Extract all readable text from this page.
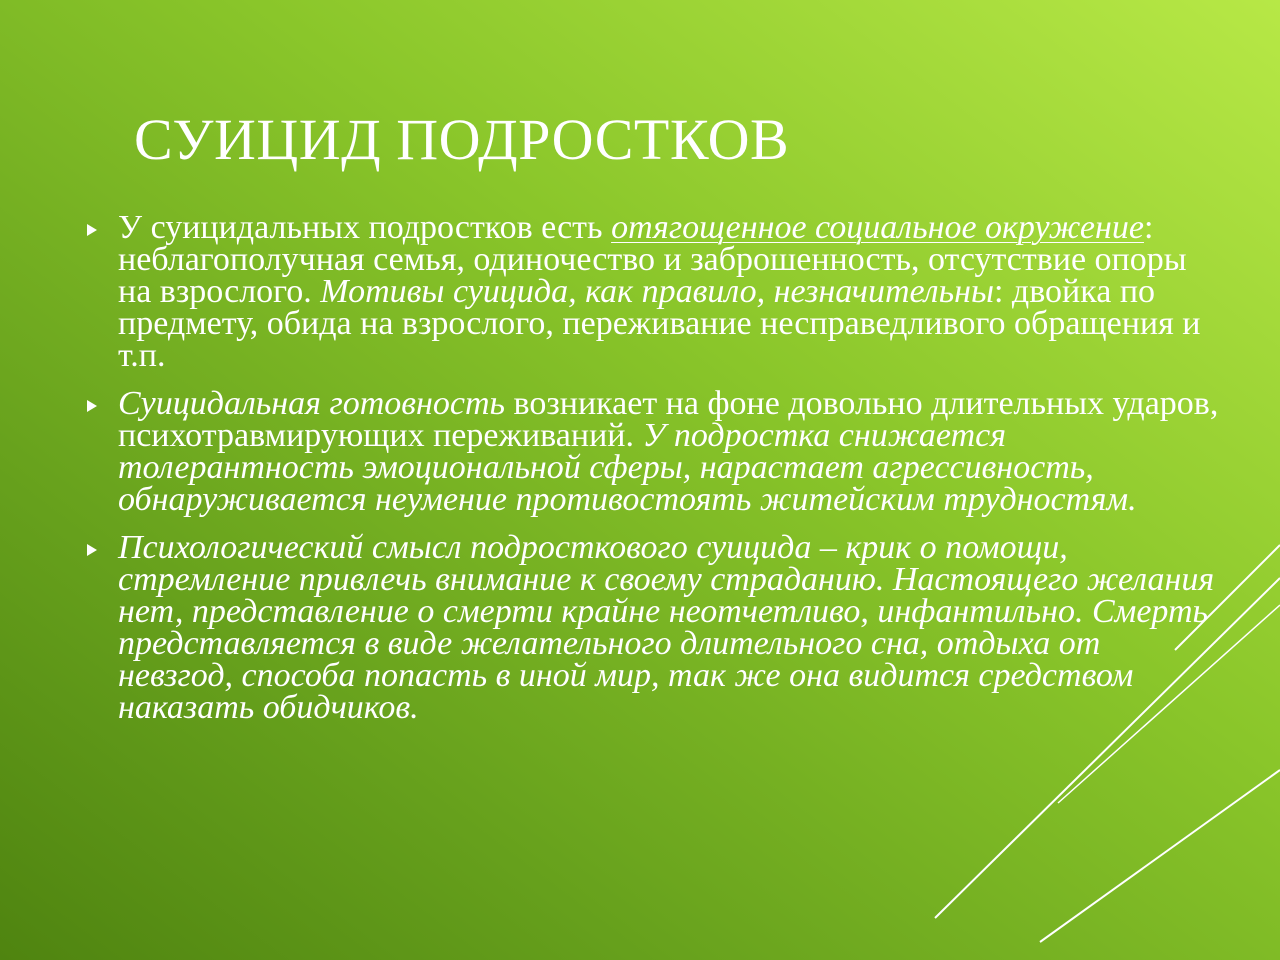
СУИЦИД ПОДРОСТКОВ
У суицидальных подростков есть отягощенное социальное окружение: неблагополучная семья, одиночество и заброшенность, отсутствие опоры на взрослого. Мотивы суицида, как правило, незначительны: двойка по предмету, обида на взрослого, переживание несправедливого обращения и т.п.
Суицидальная готовность возникает на фоне довольно длительных ударов, психотравмирующих переживаний. У подростка снижается толерантность эмоциональной сферы, нарастает агрессивность, обнаруживается неумение противостоять житейским трудностям.
Психологический смысл подросткового суицида – крик о помощи, стремление привлечь внимание к своему страданию. Настоящего желания нет, представление о смерти крайне неотчетливо, инфантильно. Смерть представляется в виде желательного длительного сна, отдыха от невзгод, способа попасть в иной мир, так же она видится средством наказать обидчиков.
